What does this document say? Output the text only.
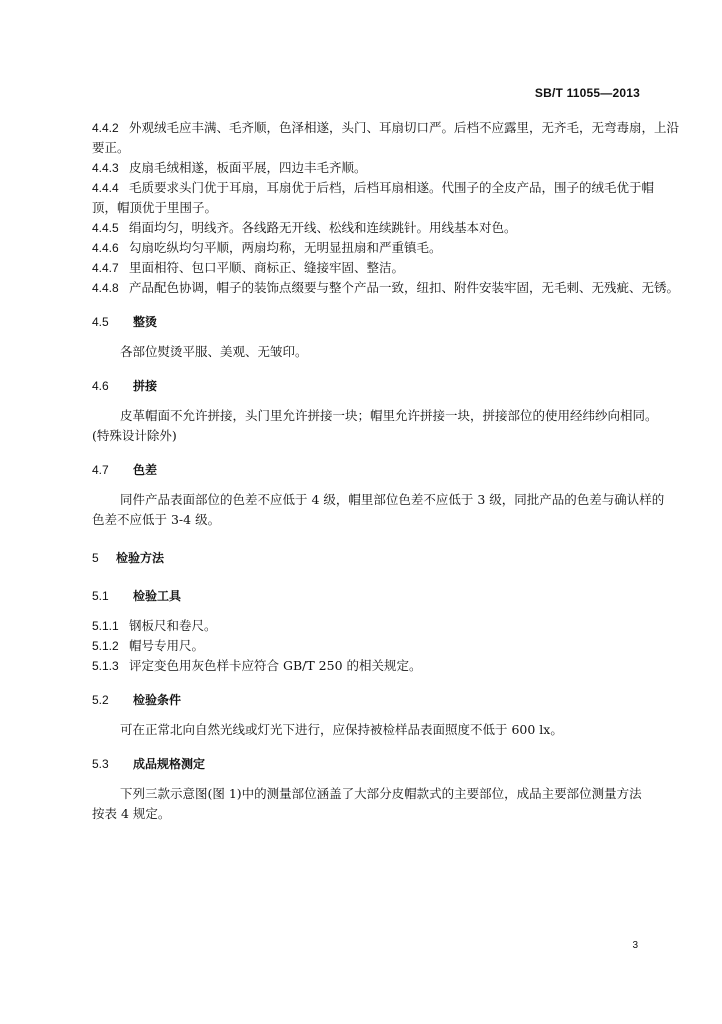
SB/T 11055—2013
4.4.2 外观绒毛应丰满、毛齐顺，色泽相遂，头门、耳扇切口严。后档不应露里，无齐毛，无弯毒扇，上沿
要正。
4.4.3 皮扇毛绒相遂，板面平展，四边丰毛齐顺。
4.4.4 毛质要求头门优于耳扇，耳扇优于后档，后档耳扇相遂。代围子的全皮产品，围子的绒毛优于帽
顶，帽顶优于里围子。
4.4.5 绢面均匀，明线齐。各线路无开线、松线和连续跳针。用线基本对色。
4.4.6 勾扇吃纵均匀平顺，两扇均称，无明显扭扇和严重镇毛。
4.4.7 里面相符、包口平顺、商标正、缝接牢固、整洁。
4.4.8 产品配色协调，帽子的装饰点缀要与整个产品一致，纽扣、附件安装牢固，无毛刺、无残疵、无锈。
4.5 整烫
各部位熨烫平服、美观、无皱印。
4.6 拼接
皮革帽面不允许拼接，头门里允许拼接一块；帽里允许拼接一块，拼接部位的使用经纬纱向相同。
(特殊设计除外)
4.7 色差
同件产品表面部位的色差不应低于 4 级，帽里部位色差不应低于 3 级，同批产品的色差与确认样的
色差不应低于 3-4 级。
5 检验方法
5.1 检验工具
5.1.1 钢板尺和卷尺。
5.1.2 帽号专用尺。
5.1.3 评定变色用灰色样卡应符合 GB/T 250 的相关规定。
5.2 检验条件
可在正常北向自然光线或灯光下进行，应保持被检样品表面照度不低于 600 lx。
5.3 成品规格测定
下列三款示意图(图 1)中的测量部位涵盖了大部分皮帽款式的主要部位，成品主要部位测量方法
按表 4 规定。
3
